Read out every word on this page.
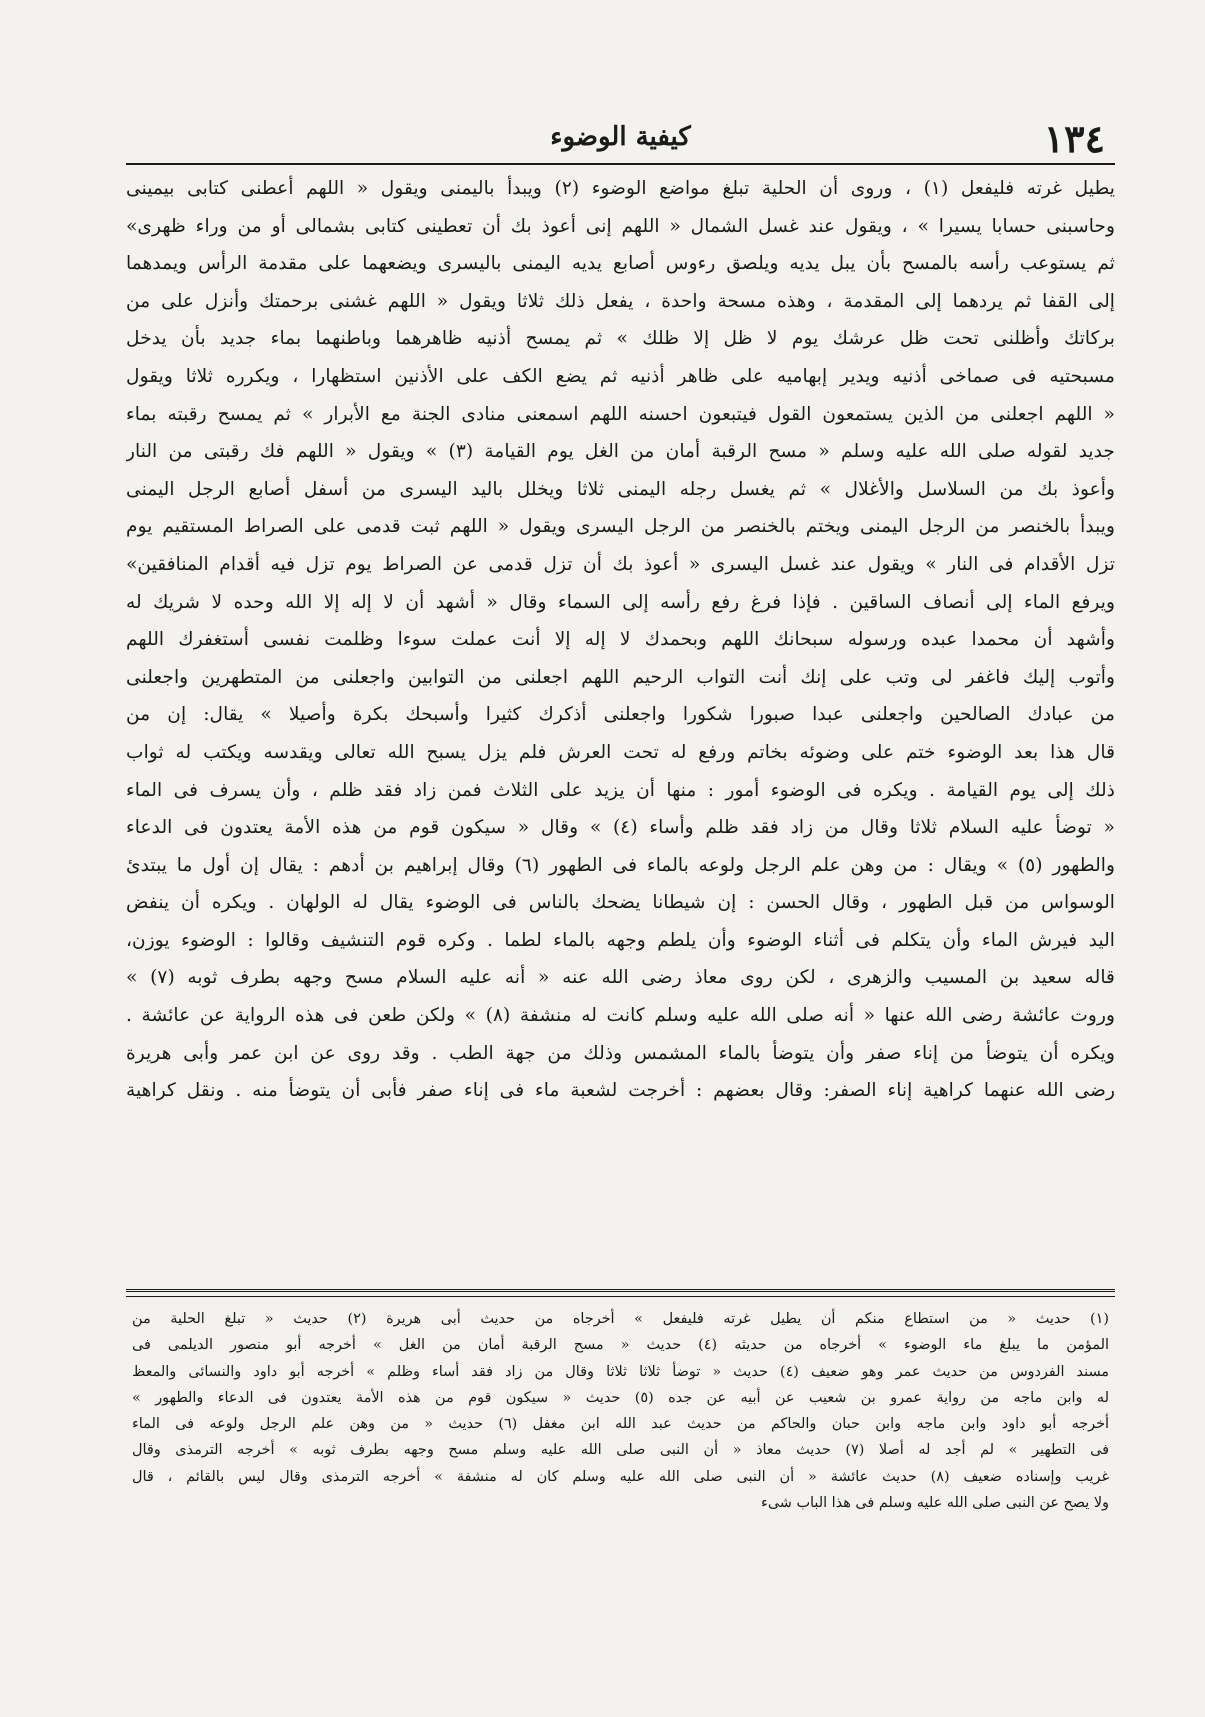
١٣٤
كيفية الوضوء
يطيل غرته فليفعل (١) ، وروى أن الحلية تبلغ مواضع الوضوء (٢) ويبدأ باليمنى ويقول « اللهم أعطنى كتابى بيمينى
وحاسبنى حسابا يسيرا » ، ويقول عند غسل الشمال « اللهم إنى أعوذ بك أن تعطينى كتابى بشمالى أو من وراء ظهرى»
ثم يستوعب رأسه بالمسح بأن يبل يديه ويلصق رءوس أصابع يديه اليمنى باليسرى ويضعهما على مقدمة الرأس ويمدهما
إلى القفا ثم يردهما إلى المقدمة ، وهذه مسحة واحدة ، يفعل ذلك ثلاثا ويقول « اللهم غشنى برحمتك وأنزل على من
بركاتك وأظلنى تحت ظل عرشك يوم لا ظل إلا ظلك » ثم يمسح أذنيه ظاهرهما وباطنهما بماء جديد بأن يدخل
مسبحتيه فى صماخى أذنيه ويدير إبهاميه على ظاهر أذنيه ثم يضع الكف على الأذنين استظهارا ، ويكرره ثلاثا ويقول
« اللهم اجعلنى من الذين يستمعون القول فيتبعون احسنه اللهم اسمعنى منادى الجنة مع الأبرار » ثم يمسح رقبته بماء
جديد لقوله صلى الله عليه وسلم « مسح الرقبة أمان من الغل يوم القيامة (٣) » ويقول « اللهم فك رقبتى من النار
وأعوذ بك من السلاسل والأغلال » ثم يغسل رجله اليمنى ثلاثا ويخلل باليد اليسرى من أسفل أصابع الرجل اليمنى
ويبدأ بالخنصر من الرجل اليمنى ويختم بالخنصر من الرجل اليسرى ويقول « اللهم ثبت قدمى على الصراط المستقيم يوم
تزل الأقدام فى النار » ويقول عند غسل اليسرى « أعوذ بك أن تزل قدمى عن الصراط يوم تزل فيه أقدام المنافقين»
ويرفع الماء إلى أنصاف الساقين . فإذا فرغ رفع رأسه إلى السماء وقال « أشهد أن لا إله إلا الله وحده لا شريك له
وأشهد أن محمدا عبده ورسوله سبحانك اللهم وبحمدك لا إله إلا أنت عملت سوءا وظلمت نفسى أستغفرك اللهم
وأتوب إليك فاغفر لى وتب على إنك أنت التواب الرحيم اللهم اجعلنى من التوابين واجعلنى من المتطهرين واجعلنى
من عبادك الصالحين واجعلنى عبدا صبورا شكورا واجعلنى أذكرك كثيرا وأسبحك بكرة وأصيلا » يقال: إن من
قال هذا بعد الوضوء ختم على وضوئه بخاتم ورفع له تحت العرش فلم يزل يسبح الله تعالى ويقدسه ويكتب له ثواب
ذلك إلى يوم القيامة . ويكره فى الوضوء أمور : منها أن يزيد على الثلاث فمن زاد فقد ظلم ، وأن يسرف فى الماء
« توضأ عليه السلام ثلاثا وقال من زاد فقد ظلم وأساء (٤) » وقال « سيكون قوم من هذه الأمة يعتدون فى الدعاء
والطهور (٥) » ويقال : من وهن علم الرجل ولوعه بالماء فى الطهور (٦) وقال إبراهيم بن أدهم : يقال إن أول ما يبتدئ
الوسواس من قبل الطهور ، وقال الحسن : إن شيطانا يضحك بالناس فى الوضوء يقال له الولهان . ويكره أن ينفض
اليد فيرش الماء وأن يتكلم فى أثناء الوضوء وأن يلطم وجهه بالماء لطما . وكره قوم التنشيف وقالوا : الوضوء يوزن،
قاله سعيد بن المسيب والزهرى ، لكن روى معاذ رضى الله عنه « أنه عليه السلام مسح وجهه بطرف ثوبه (٧) »
وروت عائشة رضى الله عنها « أنه صلى الله عليه وسلم كانت له منشفة (٨) » ولكن طعن فى هذه الرواية عن عائشة .
ويكره أن يتوضأ من إناء صفر وأن يتوضأ بالماء المشمس وذلك من جهة الطب . وقد روى عن ابن عمر وأبى هريرة
رضى الله عنهما كراهية إناء الصفر: وقال بعضهم : أخرجت لشعبة ماء فى إناء صفر فأبى أن يتوضأ منه . ونقل كراهية
(١) حديث « من استطاع منكم أن يطيل غرته فليفعل » أخرجاه من حديث أبى هريرة (٢) حديث « تبلغ الحلية من
المؤمن ما يبلغ ماء الوضوء » أخرجاه من حديثه (٤) حديث « مسح الرقبة أمان من الغل » أخرجه أبو منصور الديلمى فى
مسند الفردوس من حديث عمر وهو ضعيف (٤) حديث « توضأ ثلاثا ثلاثا وقال من زاد فقد أساء وظلم » أخرجه أبو داود والنسائى والمعظ
له وابن ماجه من رواية عمرو بن شعيب عن أبيه عن جده (٥) حديث « سيكون قوم من هذه الأمة يعتدون فى الدعاء والطهور »
أخرجه أبو داود وابن ماجه وابن حبان والحاكم من حديث عبد الله ابن مغفل (٦) حديث « من وهن علم الرجل ولوعه فى الماء
فى التطهير » لم أجد له أصلا (٧) حديث معاذ « أن النبى صلى الله عليه وسلم مسح وجهه بطرف ثوبه » أخرجه الترمذى وقال
غريب وإسناده ضعيف (٨) حديث عائشة « أن النبى صلى الله عليه وسلم كان له منشفة » أخرجه الترمذى وقال ليس بالقائم ، قال
ولا يصح عن النبى صلى الله عليه وسلم فى هذا الباب شىء
